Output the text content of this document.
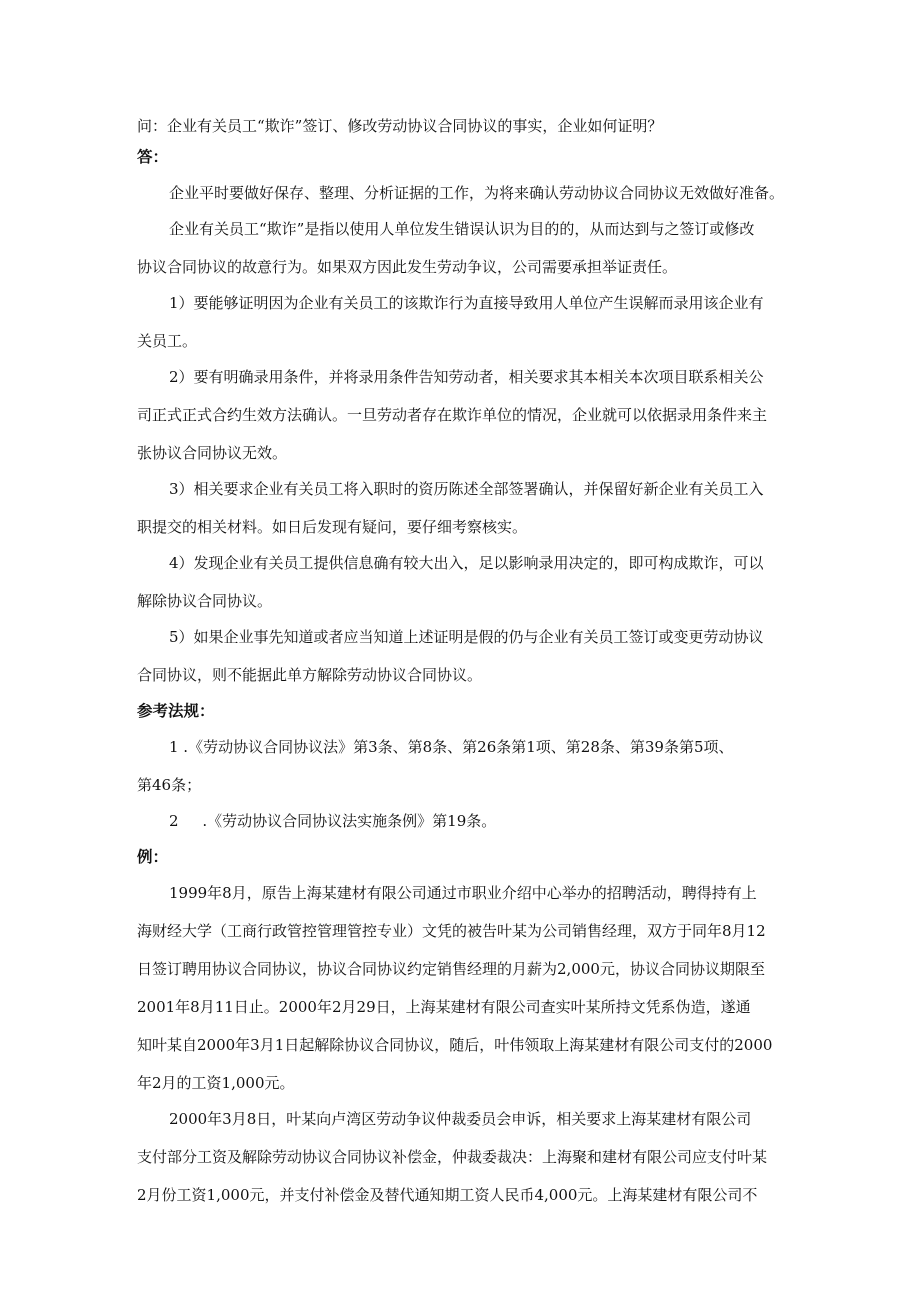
问：企业有关员工“欺诈”签订、修改劳动协议合同协议的事实，企业如何证明？

答：

企业平时要做好保存、整理、分析证据的工作，为将来确认劳动协议合同协议无效做好准备。

企业有关员工“欺诈”是指以使用人单位发生错误认识为目的的，从而达到与之签订或修改

协议合同协议的故意行为。如果双方因此发生劳动争议，公司需要承担举证责任。

1）要能够证明因为企业有关员工的该欺诈行为直接导致用人单位产生误解而录用该企业有

关员工。

2）要有明确录用条件，并将录用条件告知劳动者，相关要求其本相关本次项目联系相关公

司正式正式合约生效方法确认。一旦劳动者存在欺诈单位的情况，企业就可以依据录用条件来主

张协议合同协议无效。

3）相关要求企业有关员工将入职时的资历陈述全部签署确认，并保留好新企业有关员工入

职提交的相关材料。如日后发现有疑问，要仔细考察核实。

4）发现企业有关员工提供信息确有较大出入，足以影响录用决定的，即可构成欺诈，可以

解除协议合同协议。

5）如果企业事先知道或者应当知道上述证明是假的仍与企业有关员工签订或变更劳动协议

合同协议，则不能据此单方解除劳动协议合同协议。

参考法规：

1 .《劳动协议合同协议法》第3条、第8条、第26条第1项、第28条、第39条第5项、

第46条；

2     .《劳动协议合同协议法实施条例》第19条。

例：

1999年8月，原告上海某建材有限公司通过市职业介绍中心举办的招聘活动，聘得持有上

海财经大学（工商行政管控管理管控专业）文凭的被告叶某为公司销售经理，双方于同年8月12

日签订聘用协议合同协议，协议合同协议约定销售经理的月薪为2,000元，协议合同协议期限至

2001年8月11日止。2000年2月29日，上海某建材有限公司查实叶某所持文凭系伪造，遂通

知叶某自2000年3月1日起解除协议合同协议，随后，叶伟领取上海某建材有限公司支付的2000

年2月的工资1,000元。

2000年3月8日，叶某向卢湾区劳动争议仲裁委员会申诉，相关要求上海某建材有限公司

支付部分工资及解除劳动协议合同协议补偿金，仲裁委裁决：上海聚和建材有限公司应支付叶某

2月份工资1,000元，并支付补偿金及替代通知期工资人民币4,000元。上海某建材有限公司不
